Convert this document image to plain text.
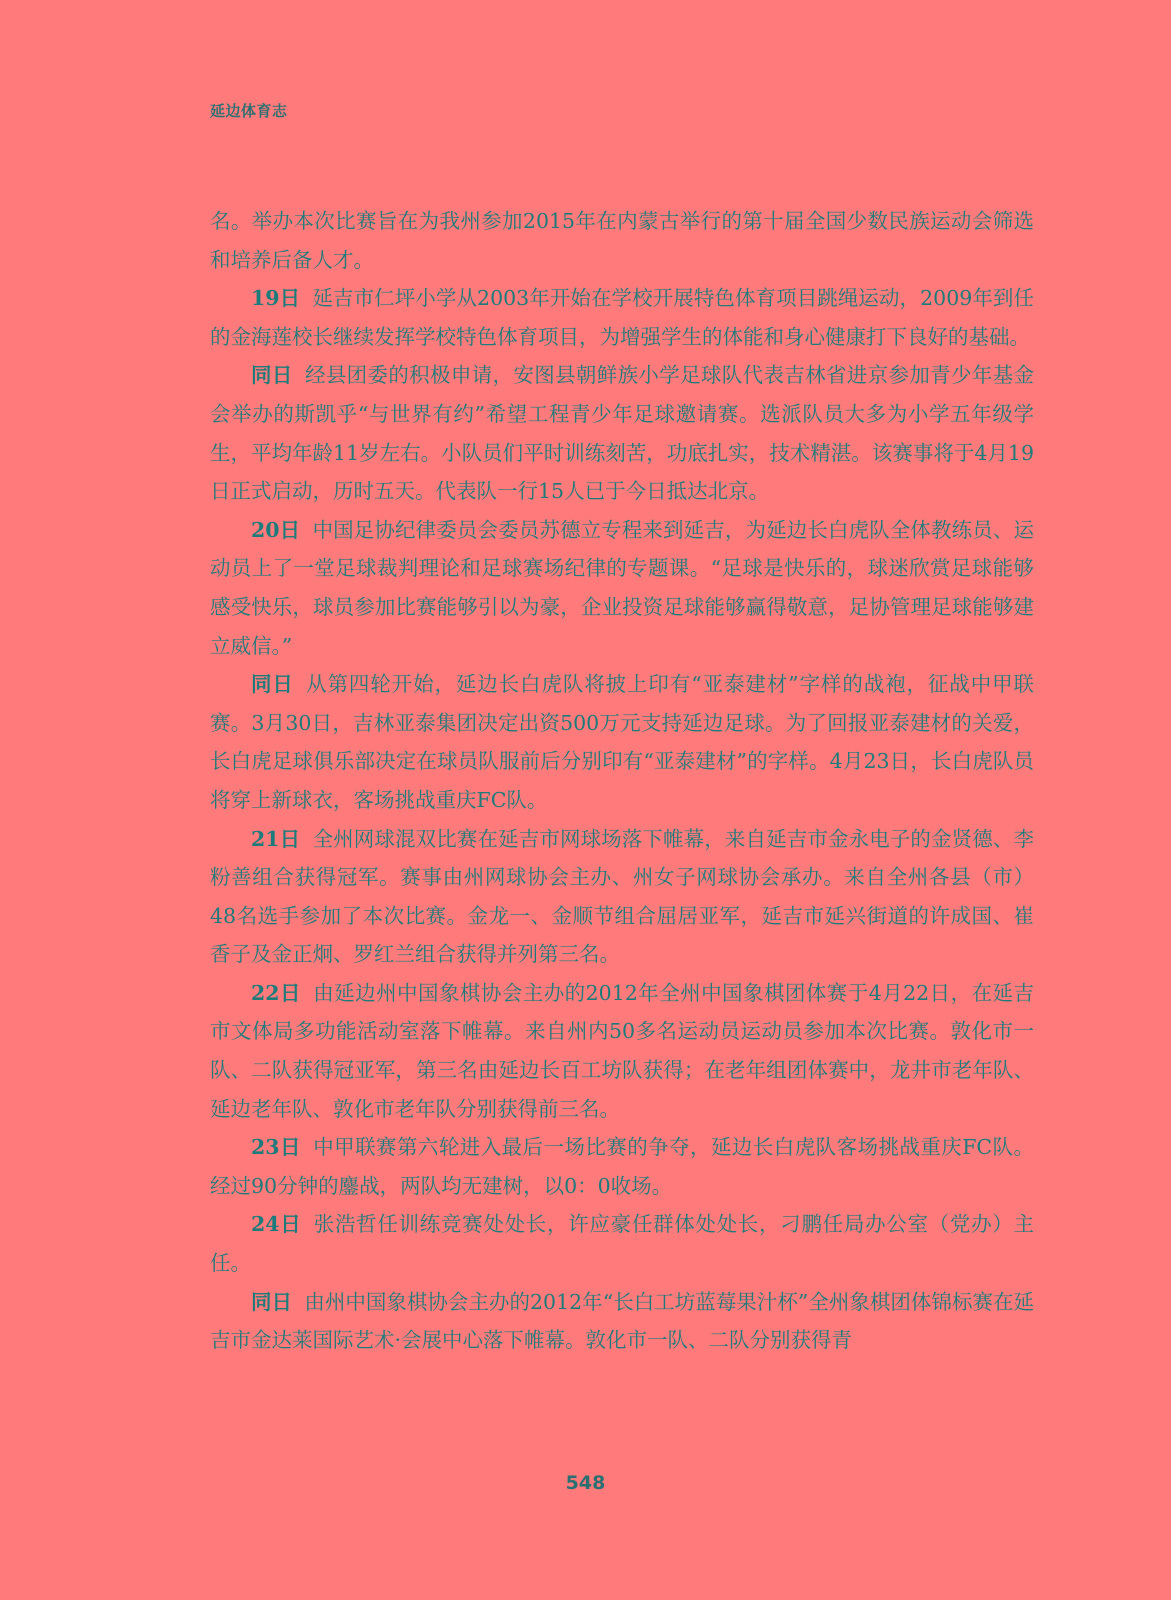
延边体育志

名。举办本次比赛旨在为我州参加2015年在内蒙古举行的第十届全国少数民族运动会筛选和培养后备人才。

19日 延吉市仁坪小学从2003年开始在学校开展特色体育项目跳绳运动，2009年到任的金海莲校长继续发挥学校特色体育项目，为增强学生的体能和身心健康打下良好的基础。

同日 经县团委的积极申请，安图县朝鲜族小学足球队代表吉林省进京参加青少年基金会举办的斯凯乎“与世界有约”希望工程青少年足球邀请赛。选派队员大多为小学五年级学生，平均年龄11岁左右。小队员们平时训练刻苦，功底扎实，技术精湛。该赛事将于4月19日正式启动，历时五天。代表队一行15人已于今日抵达北京。

20日 中国足协纪律委员会委员苏德立专程来到延吉，为延边长白虎队全体教练员、运动员上了一堂足球裁判理论和足球赛场纪律的专题课。“足球是快乐的，球迷欣赏足球能够感受快乐，球员参加比赛能够引以为豪，企业投资足球能够赢得敬意，足协管理足球能够建立威信。”

同日 从第四轮开始，延边长白虎队将披上印有“亚泰建材”字样的战袍，征战中甲联赛。3月30日，吉林亚泰集团决定出资500万元支持延边足球。为了回报亚泰建材的关爱，长白虎足球俱乐部决定在球员队服前后分别印有“亚泰建材”的字样。4月23日，长白虎队员将穿上新球衣，客场挑战重庆FC队。

21日 全州网球混双比赛在延吉市网球场落下帷幕，来自延吉市金永电子的金贤德、李粉善组合获得冠军。赛事由州网球协会主办、州女子网球协会承办。来自全州各县（市）48名选手参加了本次比赛。金龙一、金顺节组合屈居亚军，延吉市延兴街道的许成国、崔香子及金正炯、罗红兰组合获得并列第三名。

22日 由延边州中国象棋协会主办的2012年全州中国象棋团体赛于4月22日，在延吉市文体局多功能活动室落下帷幕。来自州内50多名运动员运动员参加本次比赛。敦化市一队、二队获得冠亚军，第三名由延边长百工坊队获得；在老年组团体赛中，龙井市老年队、延边老年队、敦化市老年队分别获得前三名。

23日 中甲联赛第六轮进入最后一场比赛的争夺，延边长白虎队客场挑战重庆FC队。经过90分钟的鏖战，两队均无建树，以0：0收场。

24日 张浩哲任训练竞赛处处长，许应豪任群体处处长，刁鹏任局办公室（党办）主任。

同日 由州中国象棋协会主办的2012年“长白工坊蓝莓果汁杯”全州象棋团体锦标赛在延吉市金达莱国际艺术·会展中心落下帷幕。敦化市一队、二队分别获得青

548
